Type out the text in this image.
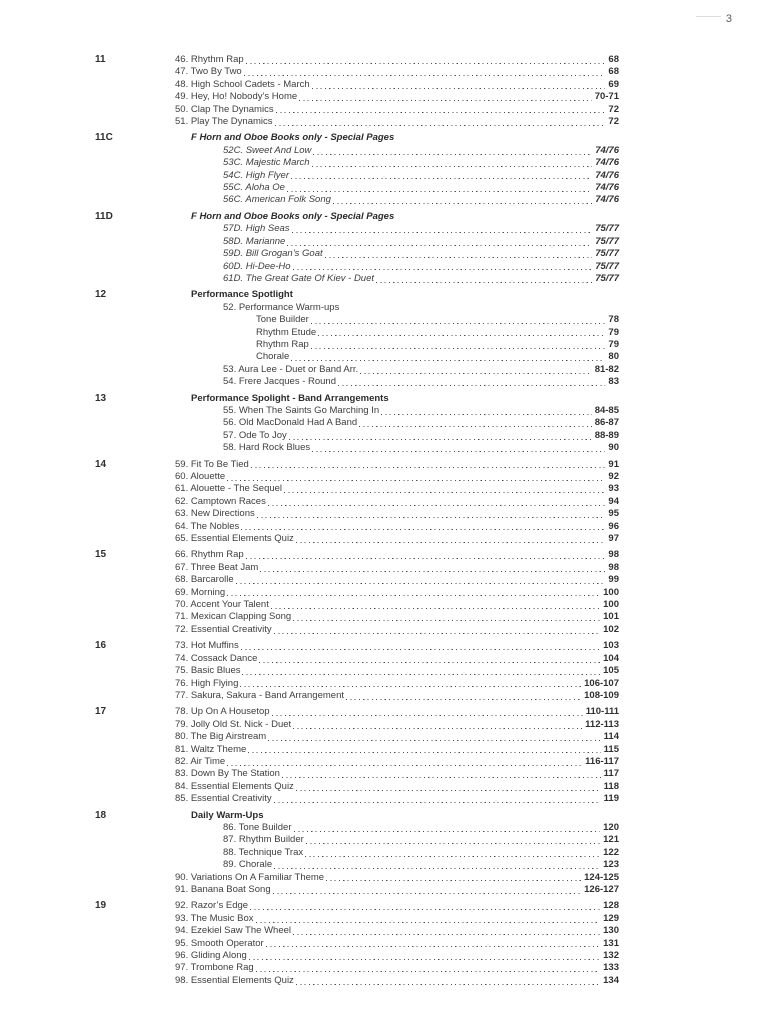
3
11	46. Rhythm Rap	68
47. Two By Two	68
48. High School Cadets - March	69
49. Hey, Ho! Nobody’s Home	70-71
50. Clap The Dynamics	72
51. Play The Dynamics	72
11C	F Horn and Oboe Books only - Special Pages
52C. Sweet And Low	74/76
53C. Majestic March	74/76
54C. High Flyer	74/76
55C. Aloha Oe	74/76
56C. American Folk Song	74/76
11D	F Horn and Oboe Books only - Special Pages
57D. High Seas	75/77
58D. Marianne	75/77
59D. Bill Grogan’s Goat	75/77
60D. Hi-Dee-Ho	75/77
61D. The Great Gate Of Kiev - Duet	75/77
12	Performance Spotlight
52. Performance Warm-ups
Tone Builder	78
Rhythm Etude	79
Rhythm Rap	79
Chorale	80
53. Aura Lee - Duet or Band Arr.	81-82
54. Frere Jacques - Round	83
13	Performance Spolight - Band Arrangements
55. When The Saints Go Marching In	84-85
56. Old MacDonald Had A Band	86-87
57. Ode To Joy	88-89
58. Hard Rock Blues	90
14	59. Fit To Be Tied	91
60. Alouette	92
61. Alouette - The Sequel	93
62. Camptown Races	94
63. New Directions	95
64. The Nobles	96
65. Essential Elements Quiz	97
15	66. Rhythm Rap	98
67. Three Beat Jam	98
68. Barcarolle	99
69. Morning	100
70. Accent Your Talent	100
71. Mexican Clapping Song	101
72. Essential Creativity	102
16	73. Hot Muffins	103
74. Cossack Dance	104
75. Basic Blues	105
76. High Flying	106-107
77. Sakura, Sakura - Band Arrangement	108-109
17	78. Up On A Housetop	110-111
79. Jolly Old St. Nick - Duet	112-113
80. The Big Airstream	114
81. Waltz Theme	115
82. Air Time	116-117
83. Down By The Station	117
84. Essential Elements Quiz	118
85. Essential Creativity	119
18	Daily Warm-Ups
86. Tone Builder	120
87. Rhythm Builder	121
88. Technique Trax	122
89. Chorale	123
90. Variations On A Familiar Theme	124-125
91. Banana Boat Song	126-127
19	92. Razor’s Edge	128
93. The Music Box	129
94. Ezekiel Saw The Wheel	130
95. Smooth Operator	131
96. Gliding Along	132
97. Trombone Rag	133
98. Essential Elements Quiz	134
